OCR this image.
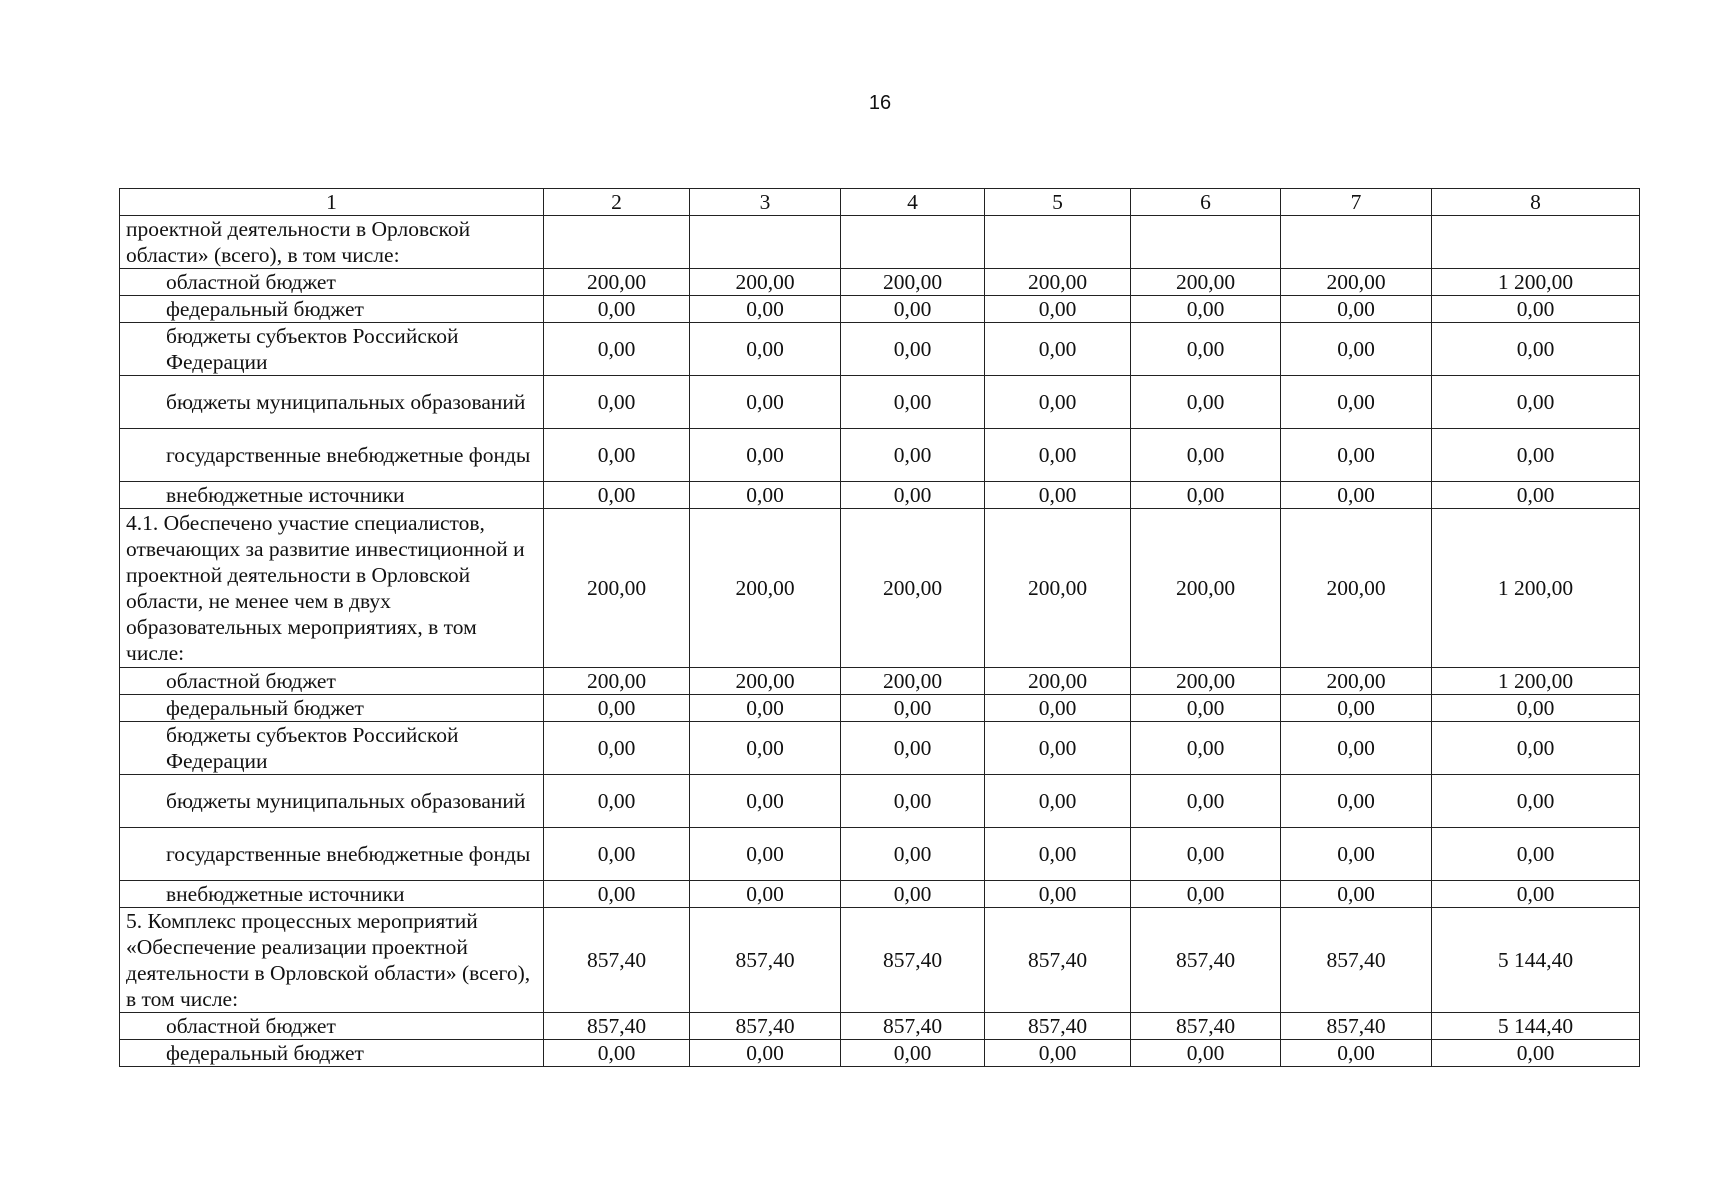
16
1	2	3	4	5	6	7	8
проектной деятельности в Орловской области» (всего), в том числе:							
областной бюджет	200,00	200,00	200,00	200,00	200,00	200,00	1 200,00
федеральный бюджет	0,00	0,00	0,00	0,00	0,00	0,00	0,00
бюджеты субъектов Российской Федерации	0,00	0,00	0,00	0,00	0,00	0,00	0,00
бюджеты муниципальных образований	0,00	0,00	0,00	0,00	0,00	0,00	0,00
государственные внебюджетные фонды	0,00	0,00	0,00	0,00	0,00	0,00	0,00
внебюджетные источники	0,00	0,00	0,00	0,00	0,00	0,00	0,00
4.1. Обеспечено участие специалистов, отвечающих за развитие инвестиционной и проектной деятельности в Орловской области, не менее чем в двух образовательных мероприятиях, в том числе:	200,00	200,00	200,00	200,00	200,00	200,00	1 200,00
областной бюджет	200,00	200,00	200,00	200,00	200,00	200,00	1 200,00
федеральный бюджет	0,00	0,00	0,00	0,00	0,00	0,00	0,00
бюджеты субъектов Российской Федерации	0,00	0,00	0,00	0,00	0,00	0,00	0,00
бюджеты муниципальных образований	0,00	0,00	0,00	0,00	0,00	0,00	0,00
государственные внебюджетные фонды	0,00	0,00	0,00	0,00	0,00	0,00	0,00
внебюджетные источники	0,00	0,00	0,00	0,00	0,00	0,00	0,00
5. Комплекс процессных мероприятий «Обеспечение реализации проектной деятельности в Орловской области» (всего), в том числе:	857,40	857,40	857,40	857,40	857,40	857,40	5 144,40
областной бюджет	857,40	857,40	857,40	857,40	857,40	857,40	5 144,40
федеральный бюджет	0,00	0,00	0,00	0,00	0,00	0,00	0,00
